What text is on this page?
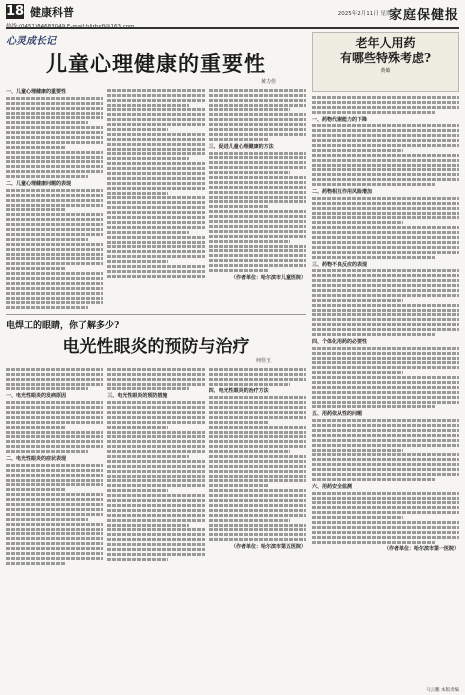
18 健康科普	2025年2月11日 星期三
家庭保健报
心灵成长记
儿童心理健康的重要性
黄力佳
一、儿童心理健康的重要性
二、儿童心理健康问题的表现
三、促进儿童心理健康的方法
（作者单位：哈尔滨市儿童医院）
老年人用药
有哪些特殊考虑?
黄敏
一、药物代谢能力的下降
二、药物相互作用风险增加
三、药物不良反应的表现
四、个体化用药的必要性
五、用药依从性的问题
六、用药安全监测
（作者单位：哈尔滨市第一医院）
电焊工的眼睛，你了解多少?
电光性眼炎的预防与治疗
何佳玉
一、电光性眼炎的发病原因
二、电光性眼炎的症状表现
三、电光性眼炎的预防措施
四、电光性眼炎的治疗方法
（作者单位：哈尔滨市第五医院）
马云鹏 本版责编
